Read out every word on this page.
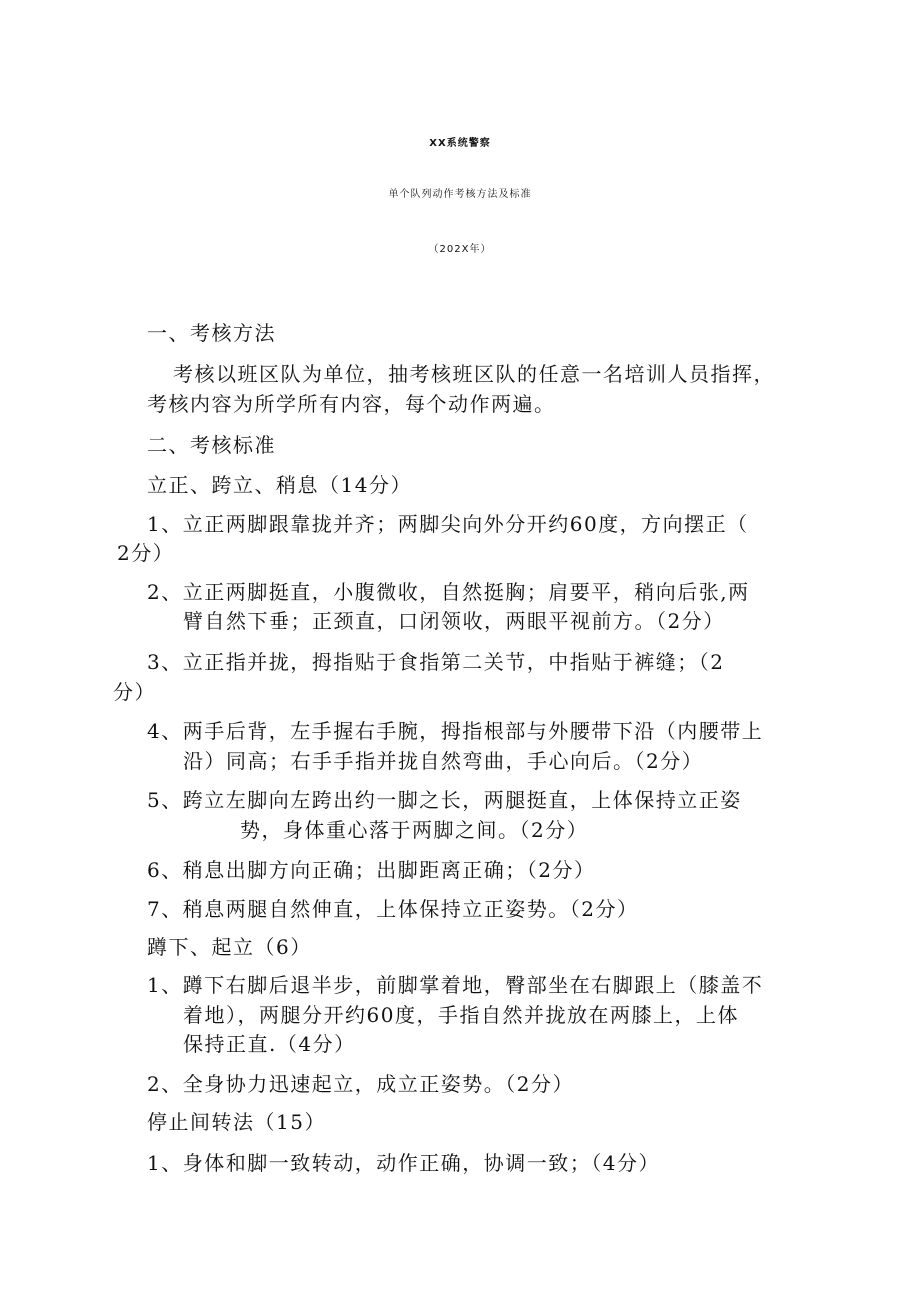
XX系统警察
单个队列动作考核方法及标准
（202X年）
一、考核方法
考核以班区队为单位，抽考核班区队的任意一名培训人员指挥，
考核内容为所学所有内容，每个动作两遍。
二、考核标准
立正、跨立、稍息（14分）
1、立正两脚跟靠拢并齐；两脚尖向外分开约60度，方向摆正（
2分）
2、立正两脚挺直，小腹微收，自然挺胸；肩要平，稍向后张,两
臂自然下垂；正颈直，口闭领收，两眼平视前方。（2分）
3、立正指并拢，拇指贴于食指第二关节，中指贴于裤缝；（2
分）
4、两手后背，左手握右手腕，拇指根部与外腰带下沿（内腰带上
沿）同高；右手手指并拢自然弯曲，手心向后。（2分）
5、跨立左脚向左跨出约一脚之长，两腿挺直，上体保持立正姿
势，身体重心落于两脚之间。（2分）
6、稍息出脚方向正确；出脚距离正确；（2分）
7、稍息两腿自然伸直，上体保持立正姿势。（2分）
蹲下、起立（6）
1、蹲下右脚后退半步，前脚掌着地，臀部坐在右脚跟上（膝盖不
着地），两腿分开约60度，手指自然并拢放在两膝上，上体
保持正直.（4分）
2、全身协力迅速起立，成立正姿势。（2分）
停止间转法（15）
1、身体和脚一致转动，动作正确，协调一致；（4分）
